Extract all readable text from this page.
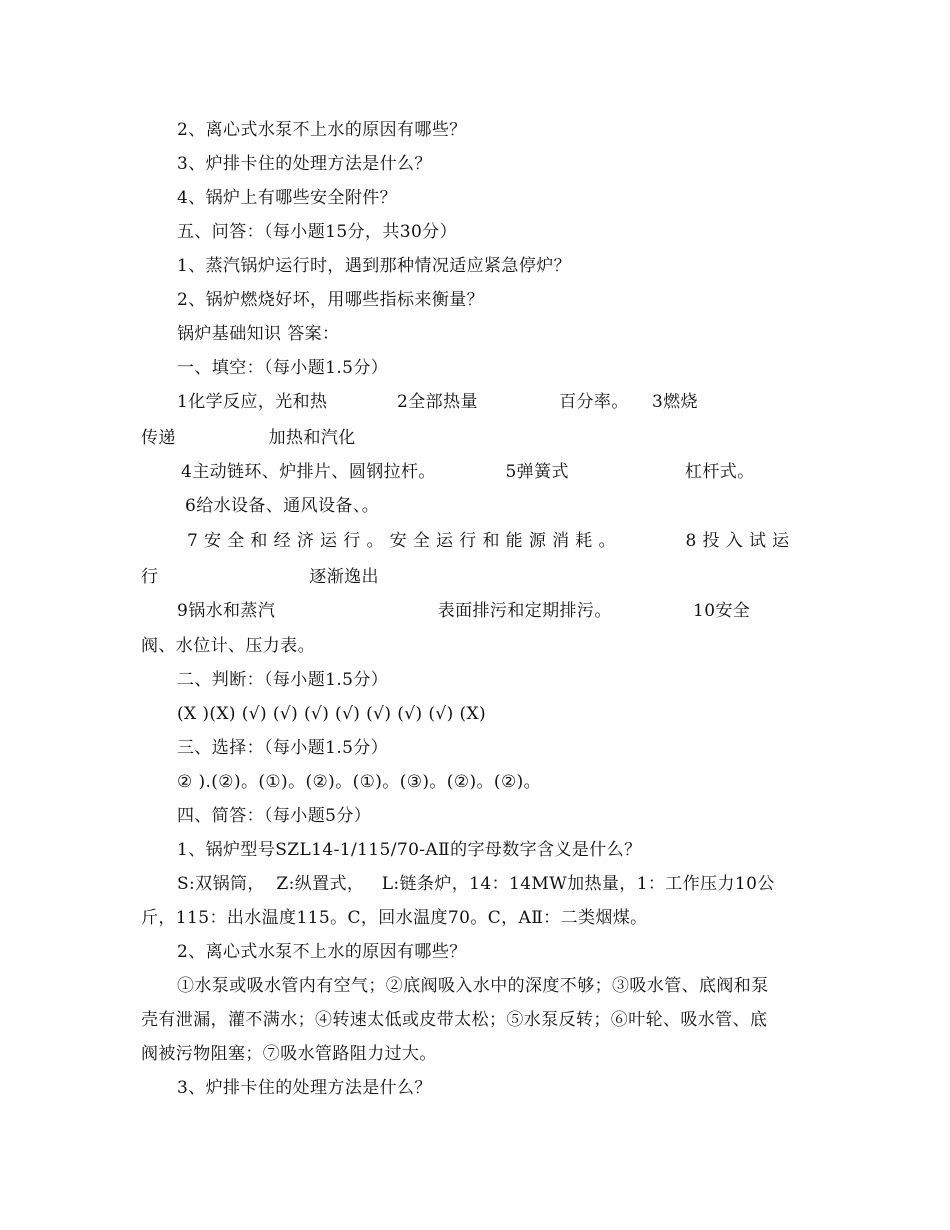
2、离心式水泵不上水的原因有哪些？
3、炉排卡住的处理方法是什么？
4、锅炉上有哪些安全附件？
五、问答：（每小题15分，共30分）
1、蒸汽锅炉运行时，遇到那种情况适应紧急停炉？
2、锅炉燃烧好坏，用哪些指标来衡量？
锅炉基础知识 答案：
一、填空：（每小题1.5分）
1化学反应，光和热            2全部热量              百分率。    3燃烧
传递                加热和汽化
4主动链环、炉排片、圆钢拉杆。            5弹簧式                    杠杆式。
6给水设备、通风设备、。
7 安 全 和 经 济 运 行 。 安 全 运 行 和 能 源 消 耗 。            8 投 入 试 运
行                          逐渐逸出
9锅水和蒸汽                            表面排污和定期排污。              10安全
阀、水位计、压力表。
二、判断：（每小题1.5分）
(X )(X) (√) (√) (√) (√) (√) (√) (√) (X)
三、选择：（每小题1.5分）
② ).(②)。(①)。(②)。(①)。(③)。(②)。(②)。
四、简答：（每小题5分）
1、锅炉型号SZL14-1/115/70-AⅡ的字母数字含义是什么？
S:双锅筒，  Z:纵置式，   L:链条炉，14：14MW加热量，1：工作压力10公
斤，115：出水温度115。C，回水温度70。C，AⅡ：二类烟煤。
2、离心式水泵不上水的原因有哪些？
①水泵或吸水管内有空气；②底阀吸入水中的深度不够；③吸水管、底阀和泵
壳有泄漏，灌不满水；④转速太低或皮带太松；⑤水泵反转；⑥叶轮、吸水管、底
阀被污物阻塞；⑦吸水管路阻力过大。
3、炉排卡住的处理方法是什么？
